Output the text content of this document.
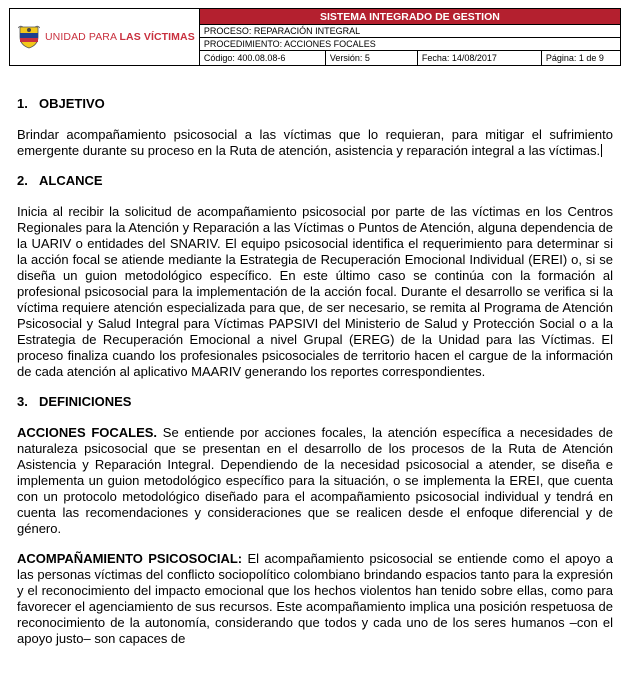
UNIDAD PARA LAS VÍCTIMAS	SISTEMA INTEGRADO DE GESTION			
	PROCESO: REPARACIÓN INTEGRAL			
	PROCEDIMIENTO: ACCIONES FOCALES			
	Código: 400.08.08-6	Versión: 5	Fecha: 14/08/2017	Página: 1 de 9
1. OBJETIVO

Brindar acompañamiento psicosocial a las víctimas que lo requieran, para mitigar el sufrimiento emergente durante su proceso en la Ruta de atención, asistencia y reparación integral a las víctimas.

2. ALCANCE

Inicia al recibir la solicitud de acompañamiento psicosocial por parte de las víctimas en los Centros Regionales para la Atención y Reparación a las Víctimas o Puntos de Atención, alguna dependencia de la UARIV o entidades del SNARIV. El equipo psicosocial identifica el requerimiento para determinar si la acción focal se atiende mediante la Estrategia de Recuperación Emocional Individual (EREI) o, si se diseña un guion metodológico específico. En este último caso se continúa con la formación al profesional psicosocial para la implementación de la acción focal. Durante el desarrollo se verifica si la víctima requiere atención especializada para que, de ser necesario, se remita al Programa de Atención Psicosocial y Salud Integral para Víctimas PAPSIVI del Ministerio de Salud y Protección Social o a la Estrategia de Recuperación Emocional a nivel Grupal (EREG) de la Unidad para las Víctimas. El proceso finaliza cuando los profesionales psicosociales de territorio hacen el cargue de la información de cada atención al aplicativo MAARIV generando los reportes correspondientes.

3. DEFINICIONES

ACCIONES FOCALES. Se entiende por acciones focales, la atención específica a necesidades de naturaleza psicosocial que se presentan en el desarrollo de los procesos de la Ruta de Atención Asistencia y Reparación Integral. Dependiendo de la necesidad psicosocial a atender, se diseña e implementa un guion metodológico específico para la situación, o se implementa la EREI, que cuenta con un protocolo metodológico diseñado para el acompañamiento psicosocial individual y tendrá en cuenta las recomendaciones y consideraciones que se realicen desde el enfoque diferencial y de género.

ACOMPAÑAMIENTO PSICOSOCIAL: El acompañamiento psicosocial se entiende como el apoyo a las personas víctimas del conflicto sociopolítico colombiano brindando espacios tanto para la expresión y el reconocimiento del impacto emocional que los hechos violentos han tenido sobre ellas, como para favorecer el agenciamiento de sus recursos. Este acompañamiento implica una posición respetuosa de reconocimiento de la autonomía, considerando que todos y cada uno de los seres humanos –con el apoyo justo– son capaces de
